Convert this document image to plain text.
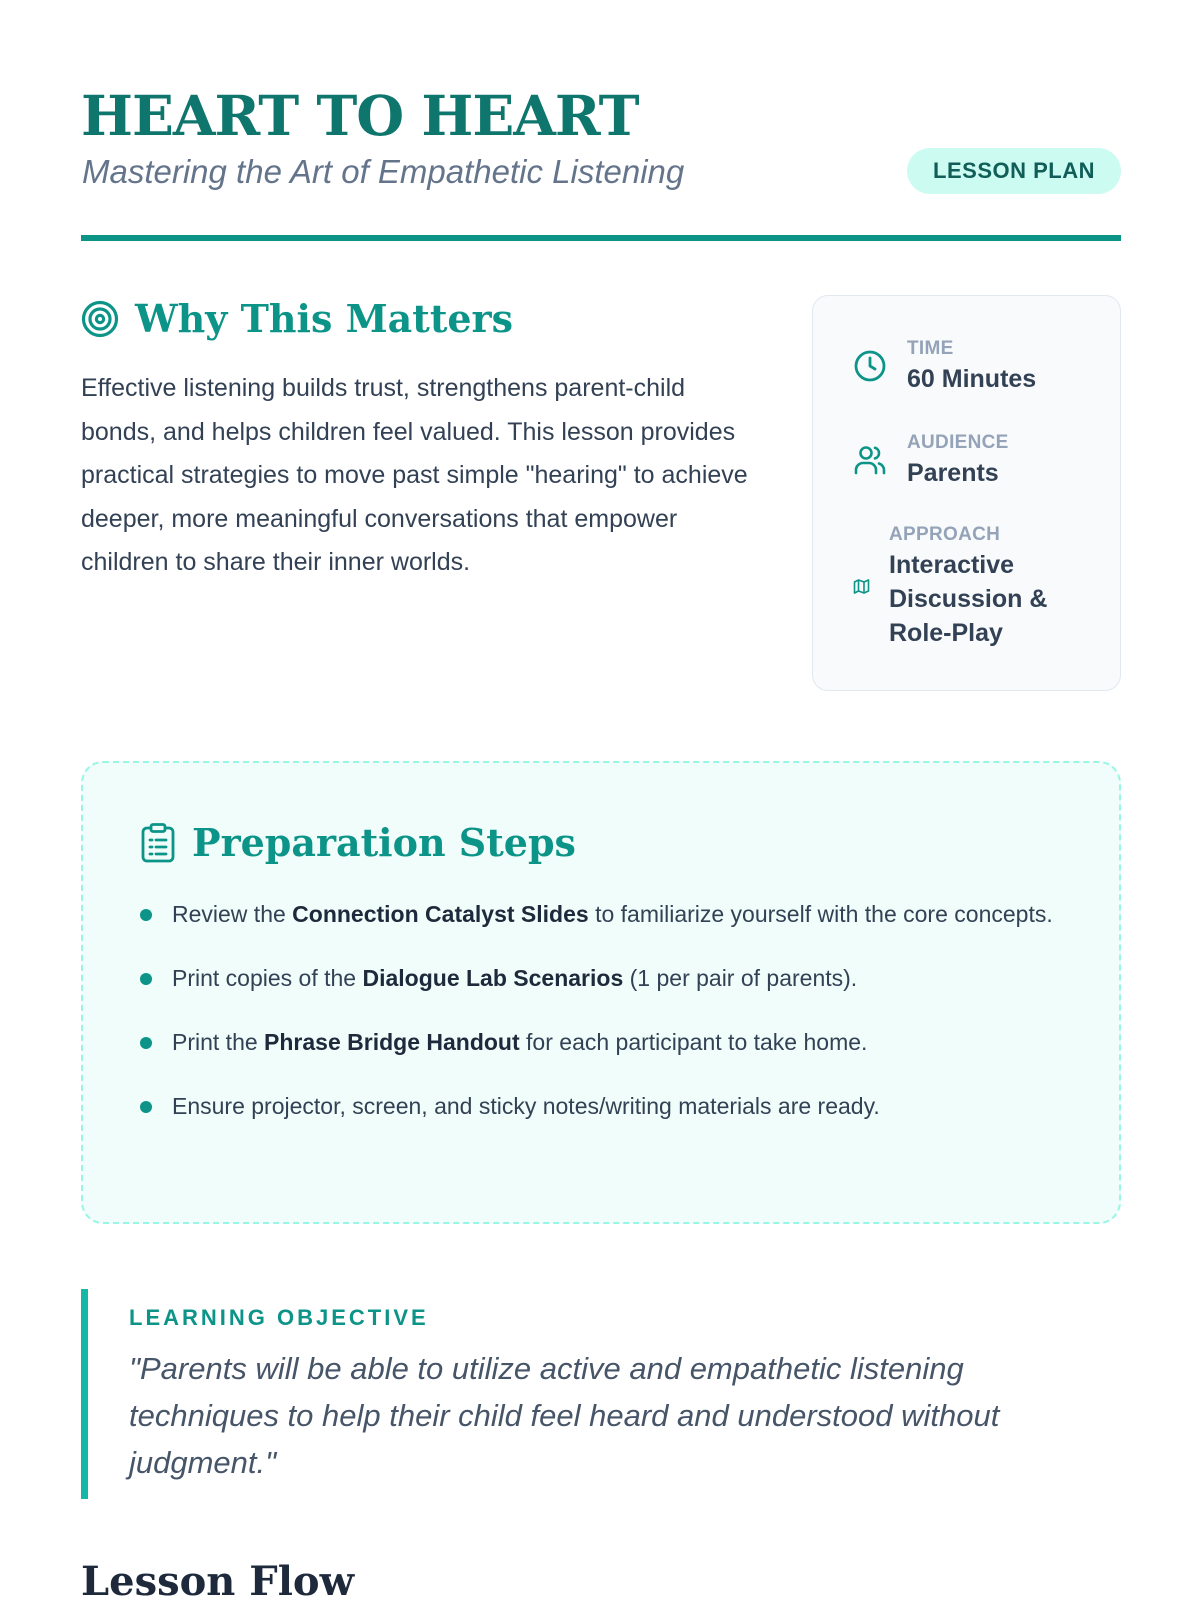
HEART TO HEART
Mastering the Art of Empathetic Listening	LESSON PLAN
Why This Matters

Effective listening builds trust, strengthens parent-child bonds, and helps children feel valued. This lesson provides practical strategies to move past simple "hearing" to achieve deeper, more meaningful conversations that empower children to share their inner worlds.

TIME
60 Minutes
AUDIENCE
Parents
APPROACH
Interactive Discussion & Role-Play
Preparation Steps
Review the Connection Catalyst Slides to familiarize yourself with the core concepts.
Print copies of the Dialogue Lab Scenarios (1 per pair of parents).
Print the Phrase Bridge Handout for each participant to take home.
Ensure projector, screen, and sticky notes/writing materials are ready.
LEARNING OBJECTIVE

"Parents will be able to utilize active and empathetic listening techniques to help their child feel heard and understood without judgment."

Lesson Flow
